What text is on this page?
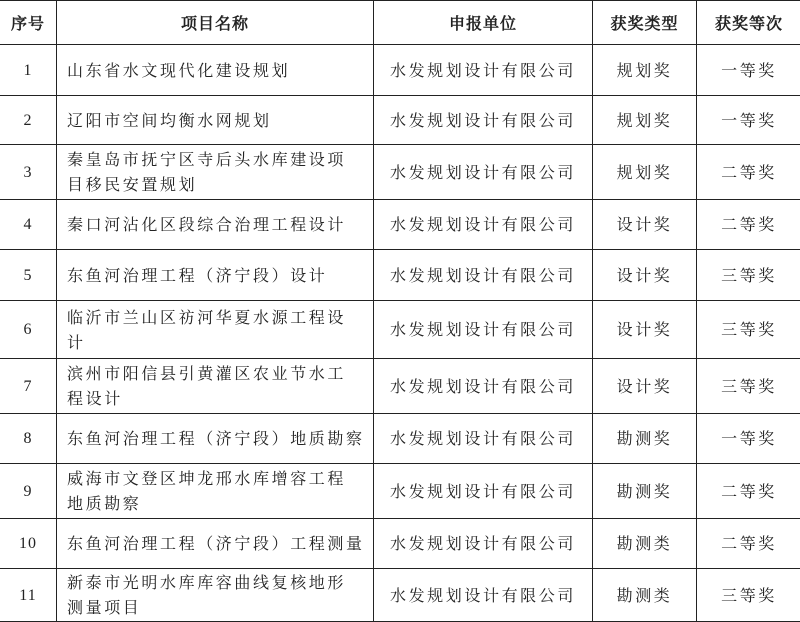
序号	项目名称	申报单位	获奖类型	获奖等次
1	山东省水文现代化建设规划	水发规划设计有限公司	规划奖	一等奖
2	辽阳市空间均衡水网规划	水发规划设计有限公司	规划奖	一等奖
3	秦皇岛市抚宁区寺后头水库建设项
目移民安置规划	水发规划设计有限公司	规划奖	二等奖
4	秦口河沾化区段综合治理工程设计	水发规划设计有限公司	设计奖	二等奖
5	东鱼河治理工程（济宁段）设计	水发规划设计有限公司	设计奖	三等奖
6	临沂市兰山区祊河华夏水源工程设
计	水发规划设计有限公司	设计奖	三等奖
7	滨州市阳信县引黄灌区农业节水工
程设计	水发规划设计有限公司	设计奖	三等奖
8	东鱼河治理工程（济宁段）地质勘察	水发规划设计有限公司	勘测奖	一等奖
9	威海市文登区坤龙邢水库增容工程
地质勘察	水发规划设计有限公司	勘测奖	二等奖
10	东鱼河治理工程（济宁段）工程测量	水发规划设计有限公司	勘测类	二等奖
11	新泰市光明水库库容曲线复核地形
测量项目	水发规划设计有限公司	勘测类	三等奖
